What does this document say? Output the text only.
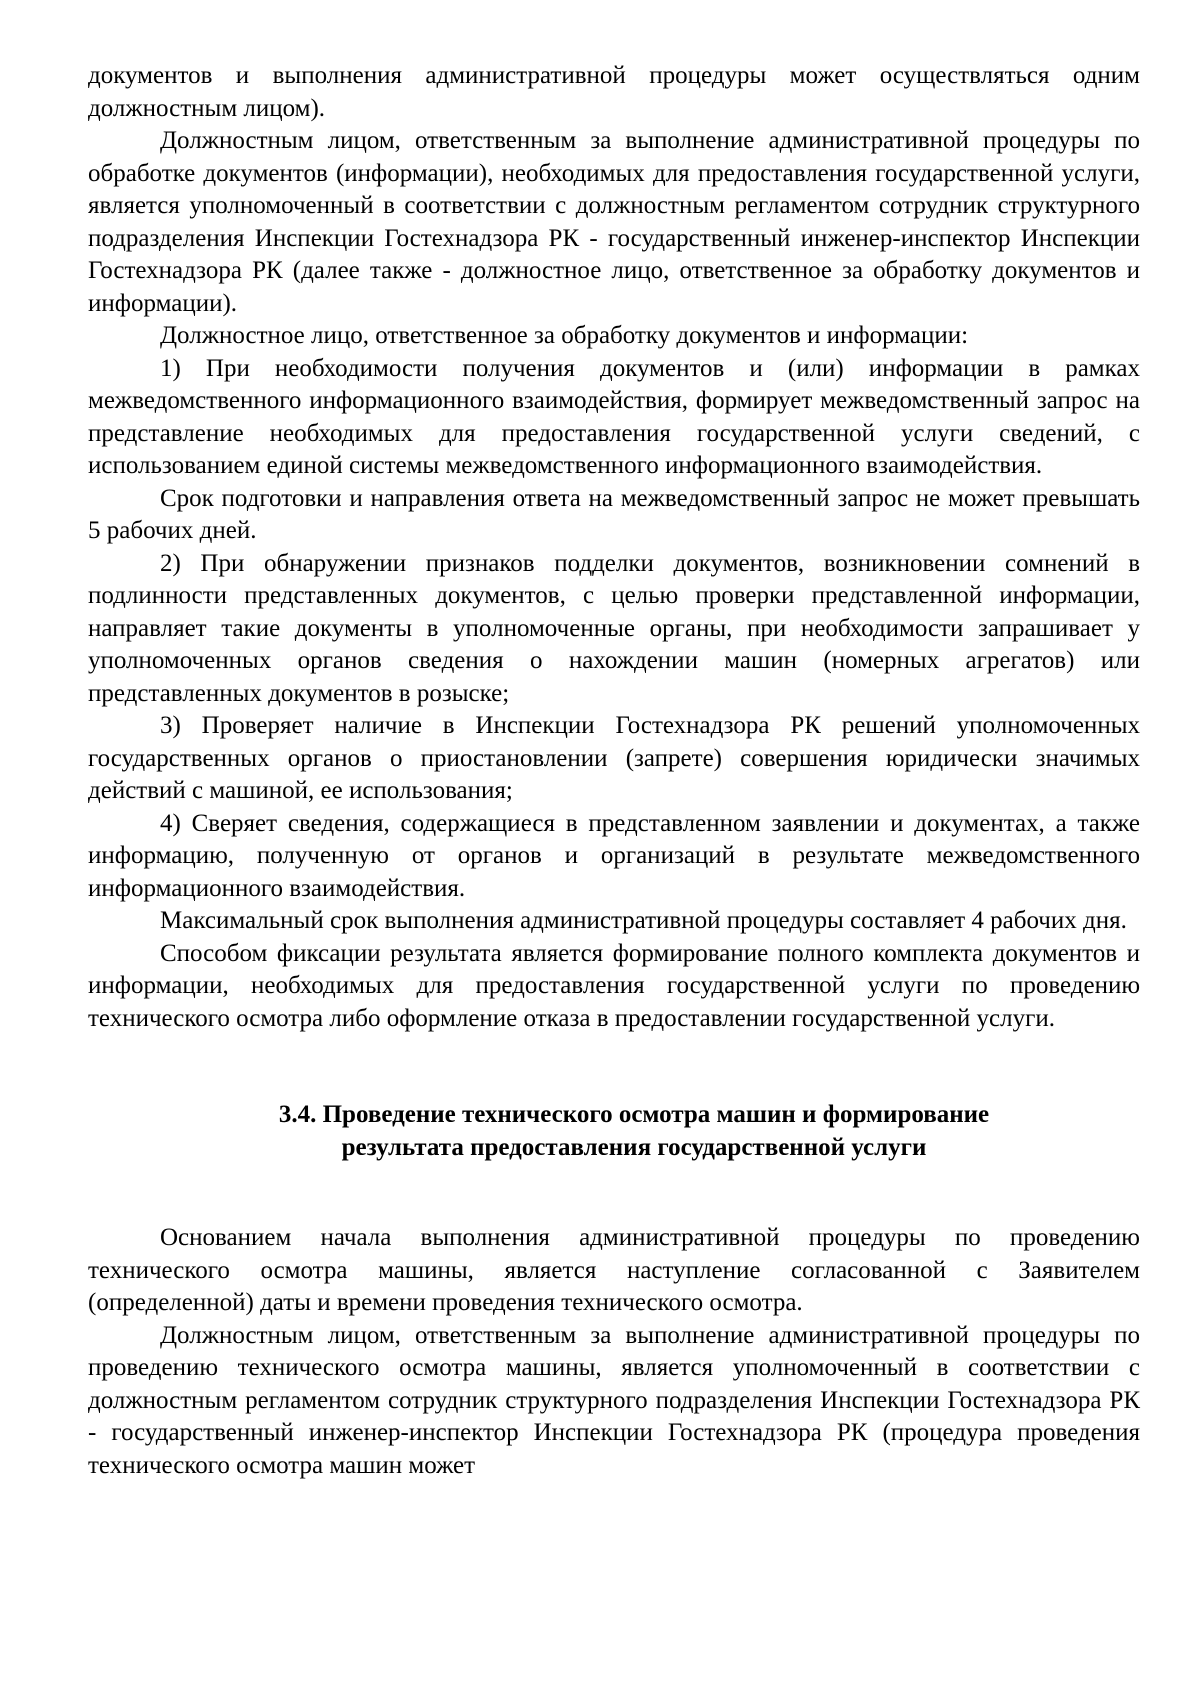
документов и выполнения административной процедуры может осуществляться одним должностным лицом).

Должностным лицом, ответственным за выполнение административной процедуры по обработке документов (информации), необходимых для предоставления государственной услуги, является уполномоченный в соответствии с должностным регламентом сотрудник структурного подразделения Инспекции Гостехнадзора РК - государственный инженер-инспектор Инспекции Гостехнадзора РК (далее также - должностное лицо, ответственное за обработку документов и информации).

Должностное лицо, ответственное за обработку документов и информации:

1) При необходимости получения документов и (или) информации в рамках межведомственного информационного взаимодействия, формирует межведомственный запрос на представление необходимых для предоставления государственной услуги сведений, с использованием единой системы межведомственного информационного взаимодействия.

Срок подготовки и направления ответа на межведомственный запрос не может превышать 5 рабочих дней.

2) При обнаружении признаков подделки документов, возникновении сомнений в подлинности представленных документов, с целью проверки представленной информации, направляет такие документы в уполномоченные органы, при необходимости запрашивает у уполномоченных органов сведения о нахождении машин (номерных агрегатов) или представленных документов в розыске;

3) Проверяет наличие в Инспекции Гостехнадзора РК решений уполномоченных государственных органов о приостановлении (запрете) совершения юридически значимых действий с машиной, ее использования;

4) Сверяет сведения, содержащиеся в представленном заявлении и документах, а также информацию, полученную от органов и организаций в результате межведомственного информационного взаимодействия.

Максимальный срок выполнения административной процедуры составляет 4 рабочих дня.

Способом фиксации результата является формирование полного комплекта документов и информации, необходимых для предоставления государственной услуги по проведению технического осмотра либо оформление отказа в предоставлении государственной услуги.

3.4. Проведение технического осмотра машин и формирование
результата предоставления государственной услуги

Основанием начала выполнения административной процедуры по проведению технического осмотра машины, является наступление согласованной с Заявителем (определенной) даты и времени проведения технического осмотра.

Должностным лицом, ответственным за выполнение административной процедуры по проведению технического осмотра машины, является уполномоченный в соответствии с должностным регламентом сотрудник структурного подразделения Инспекции Гостехнадзора РК - государственный инженер-инспектор Инспекции Гостехнадзора РК (процедура проведения технического осмотра машин может
